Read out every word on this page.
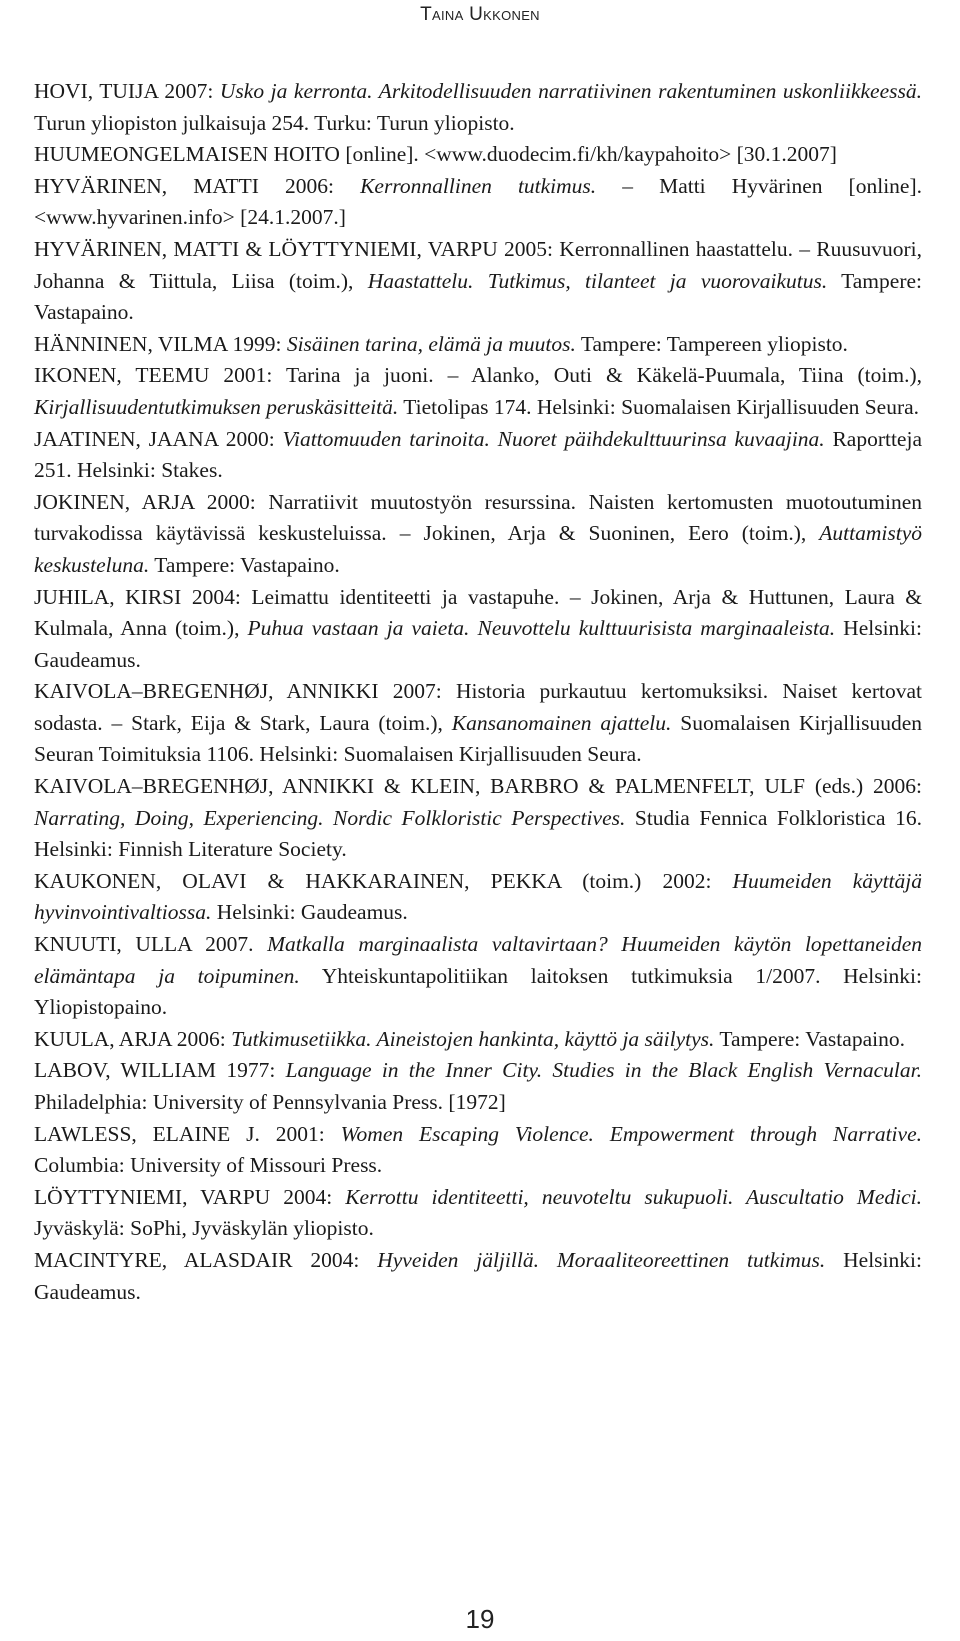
Taina Ukkonen
HOVI, TUIJA 2007: Usko ja kerronta. Arkitodellisuuden narratiivinen rakentuminen uskonliikkeessä. Turun yliopiston julkaisuja 254. Turku: Turun yliopisto.
HUUMEONGELMAISEN HOITO [online]. <www.duodecim.fi/kh/kaypahoito> [30.1.2007]
HYVÄRINEN, MATTI 2006: Kerronnallinen tutkimus. – Matti Hyvärinen [online]. <www.hyvarinen.info> [24.1.2007.]
HYVÄRINEN, MATTI & LÖYTTYNIEMI, VARPU 2005: Kerronnallinen haastattelu. – Ruusuvuori, Johanna & Tiittula, Liisa (toim.), Haastattelu. Tutkimus, tilanteet ja vuorovaikutus. Tampere: Vastapaino.
HÄNNINEN, VILMA 1999: Sisäinen tarina, elämä ja muutos. Tampere: Tampereen yliopisto.
IKONEN, TEEMU 2001: Tarina ja juoni. – Alanko, Outi & Käkelä-Puumala, Tiina (toim.), Kirjallisuudentutkimuksen peruskäsitteitä. Tietolipas 174. Helsinki: Suomalaisen Kirjallisuuden Seura.
JAATINEN, JAANA 2000: Viattomuuden tarinoita. Nuoret päihdekulttuurinsa kuvaajina. Raportteja 251. Helsinki: Stakes.
JOKINEN, ARJA 2000: Narratiivit muutostyön resurssina. Naisten kertomusten muotoutuminen turvakodissa käytävissä keskusteluissa. – Jokinen, Arja & Suoninen, Eero (toim.), Auttamistyö keskusteluna. Tampere: Vastapaino.
JUHILA, KIRSI 2004: Leimattu identiteetti ja vastapuhe. – Jokinen, Arja & Huttunen, Laura & Kulmala, Anna (toim.), Puhua vastaan ja vaieta. Neuvottelu kulttuurisista marginaaleista. Helsinki: Gaudeamus.
KAIVOLA–BREGENHØJ, ANNIKKI 2007: Historia purkautuu kertomuksiksi. Naiset kertovat sodasta. – Stark, Eija & Stark, Laura (toim.), Kansanomainen ajattelu. Suomalaisen Kirjallisuuden Seuran Toimituksia 1106. Helsinki: Suomalaisen Kirjallisuuden Seura.
KAIVOLA–BREGENHØJ, ANNIKKI & KLEIN, BARBRO & PALMENFELT, ULF (eds.) 2006: Narrating, Doing, Experiencing. Nordic Folkloristic Perspectives. Studia Fennica Folkloristica 16. Helsinki: Finnish Literature Society.
KAUKONEN, OLAVI & HAKKARAINEN, PEKKA (toim.) 2002: Huumeiden käyttäjä hyvinvointivaltiossa. Helsinki: Gaudeamus.
KNUUTI, ULLA 2007. Matkalla marginaalista valtavirtaan? Huumeiden käytön lopettaneiden elämäntapa ja toipuminen. Yhteiskuntapolitiikan laitoksen tutkimuksia 1/2007. Helsinki: Yliopistopaino.
KUULA, ARJA 2006: Tutkimusetiikka. Aineistojen hankinta, käyttö ja säilytys. Tampere: Vastapaino.
LABOV, WILLIAM 1977: Language in the Inner City. Studies in the Black English Vernacular. Philadelphia: University of Pennsylvania Press. [1972]
LAWLESS, ELAINE J. 2001: Women Escaping Violence. Empowerment through Narrative. Columbia: University of Missouri Press.
LÖYTTYNIEMI, VARPU 2004: Kerrottu identiteetti, neuvoteltu sukupuoli. Auscultatio Medici. Jyväskylä: SoPhi, Jyväskylän yliopisto.
MACINTYRE, ALASDAIR 2004: Hyveiden jäljillä. Moraaliteoreettinen tutkimus. Helsinki: Gaudeamus.
19
